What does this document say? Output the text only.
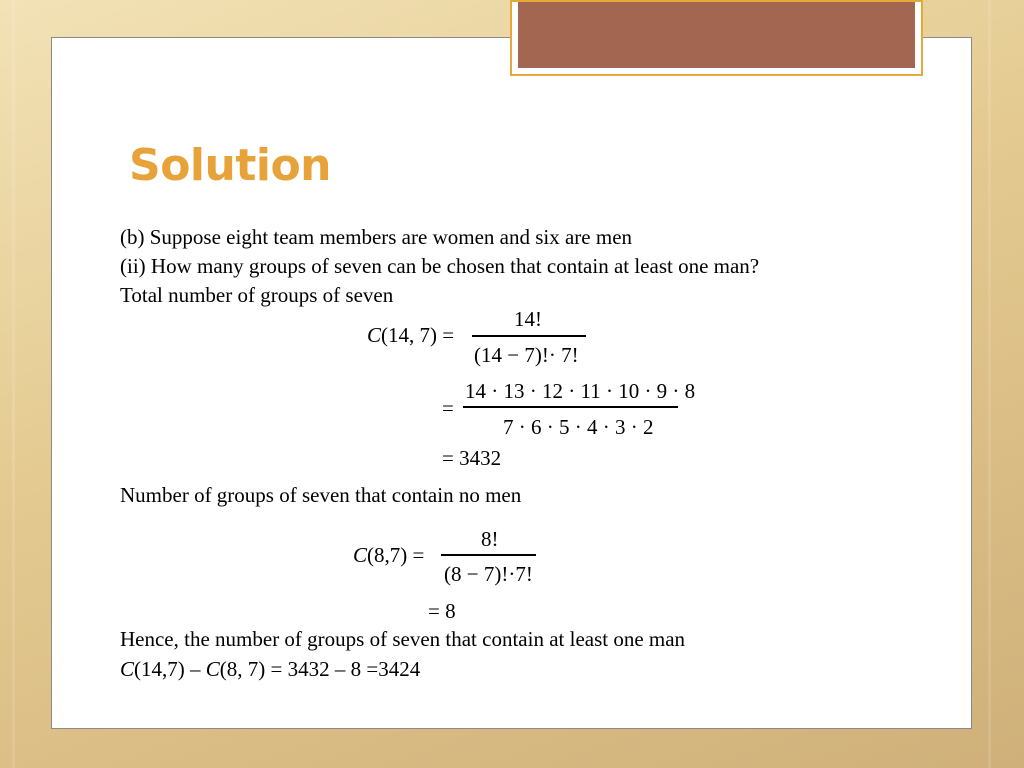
Solution
(b) Suppose eight team members are women and six are men
(ii) How many groups of seven can be chosen that contain at least one man?
Total number of groups of seven
C(14, 7) =
14!
(14 − 7)!· 7!
=
14 · 13 · 12 · 11 · 10 · 9 · 8
7 · 6 · 5 · 4 · 3 · 2
= 3432
Number of groups of seven that contain no men
C(8,7) =
8!
(8 − 7)!·7!
= 8
Hence, the number of groups of seven that contain at least one man
C(14,7) – C(8, 7) = 3432 – 8 =3424
